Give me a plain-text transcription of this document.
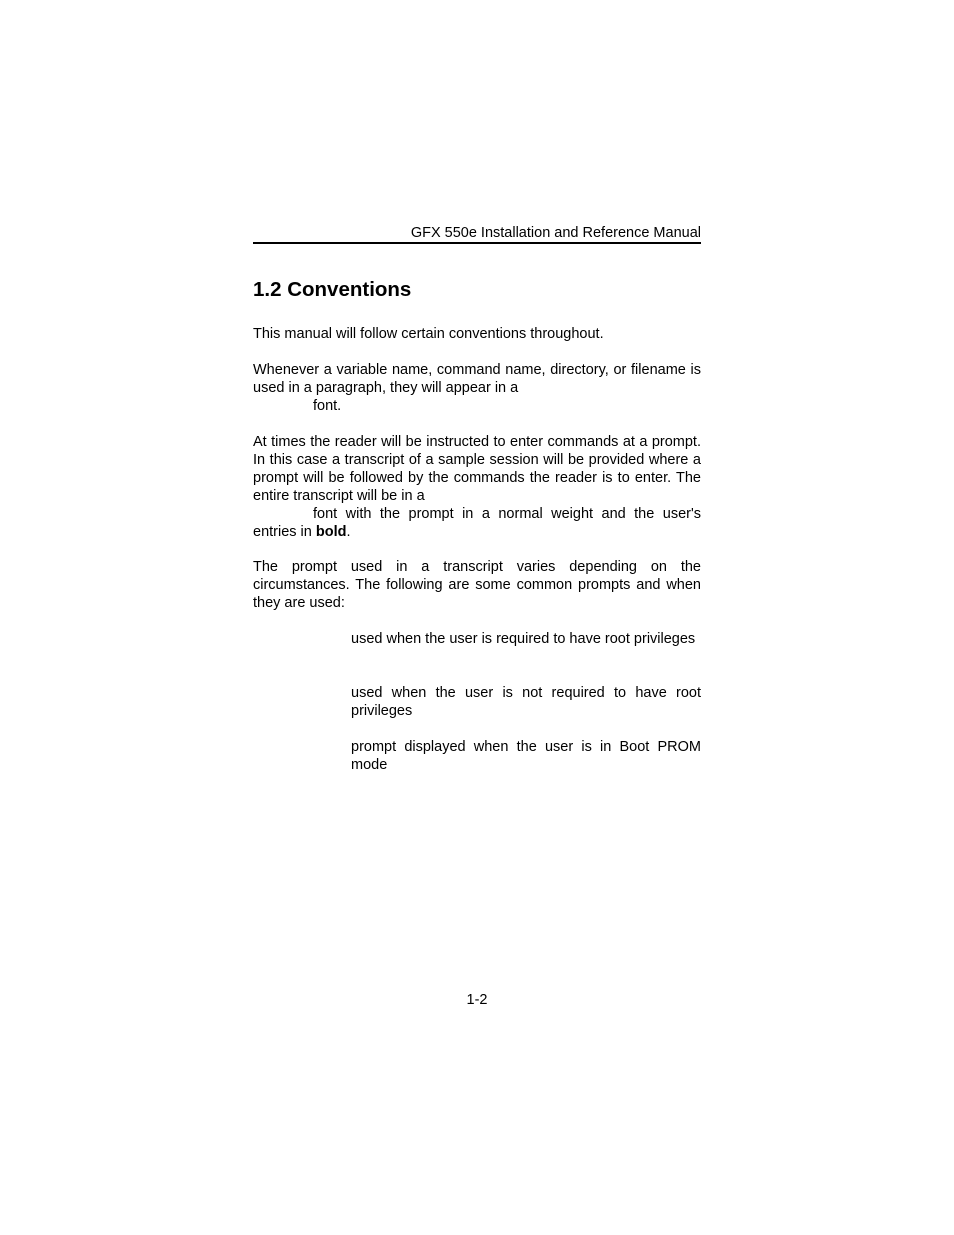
GFX 550e Installation and Reference Manual
1.2 Conventions

This manual will follow certain conventions throughout.

Whenever a variable name, command name, directory, or filename is used in a paragraph, they will appear in a
font.

At times the reader will be instructed to enter commands at a prompt. In this case a transcript of a sample session will be provided where a prompt will be followed by the commands the reader is to enter. The entire transcript will be in a
font with the prompt in a normal weight and the user's entries in bold.

The prompt used in a transcript varies depending on the circumstances. The following are some common prompts and when they are used:

used when the user is required to have root privileges

used when the user is not required to have root privileges

prompt displayed when the user is in Boot PROM mode

1-2
